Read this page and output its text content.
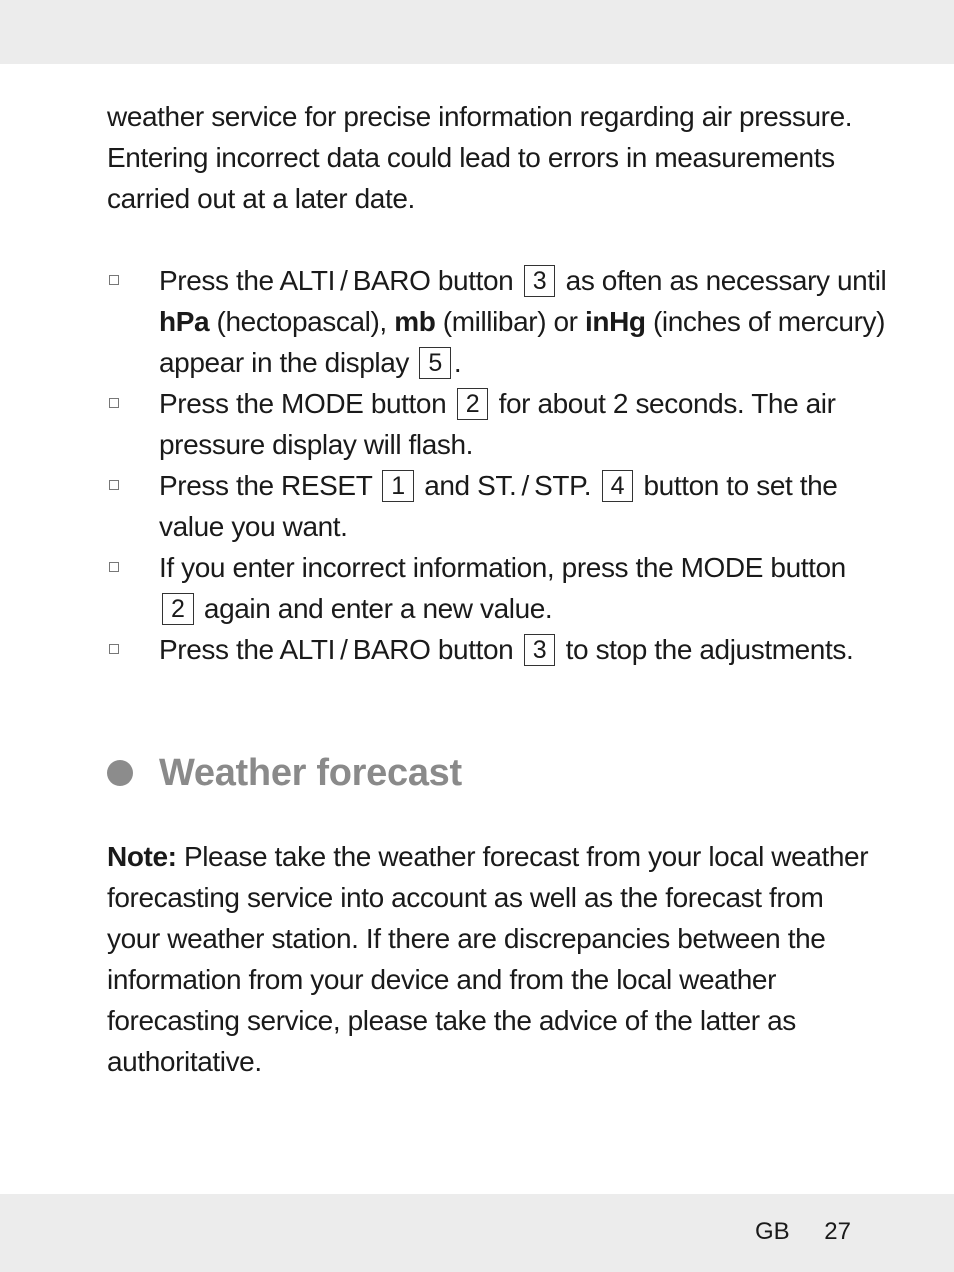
weather service for precise information regarding air pressure. Entering incorrect data could lead to errors in measurements carried out at a later date.
Press the ALTI / BARO button 3 as often as necessary until hPa (hectopascal), mb (millibar) or inHg (inches of mercury) appear in the display 5 .
Press the MODE button 2 for about 2 seconds. The air pressure display will flash.
Press the RESET 1 and ST. / STP. 4 button to set the value you want.
If you enter incorrect information, press the MODE button 2 again and enter a new value.
Press the ALTI / BARO button 3 to stop the adjustments.
Weather forecast
Note: Please take the weather forecast from your local weather forecasting service into account as well as the forecast from your weather station. If there are discrepancies between the information from your device and from the local weather forecasting service, please take the advice of the latter as authoritative.
GB 27
